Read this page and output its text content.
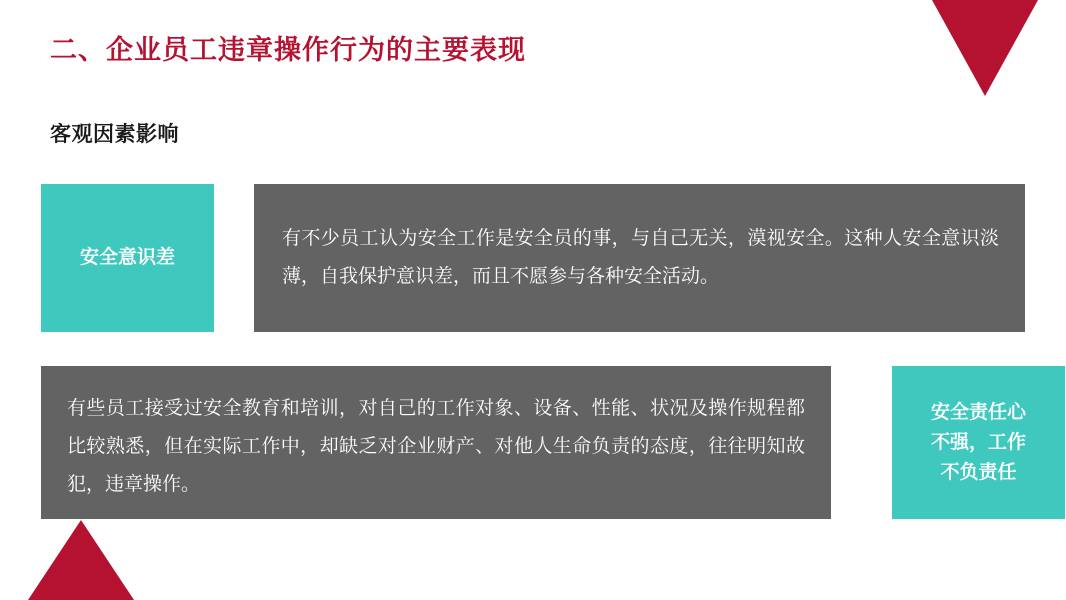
二、企业员工违章操作行为的主要表现
客观因素影响
安全意识差
有不少员工认为安全工作是安全员的事，与自己无关，漠视安全。这种人安全意识淡薄，自我保护意识差，而且不愿参与各种安全活动。
有些员工接受过安全教育和培训，对自己的工作对象、设备、性能、状况及操作规程都比较熟悉，但在实际工作中，却缺乏对企业财产、对他人生命负责的态度，往往明知故犯，违章操作。
安全责任心
不强，工作
不负责任
